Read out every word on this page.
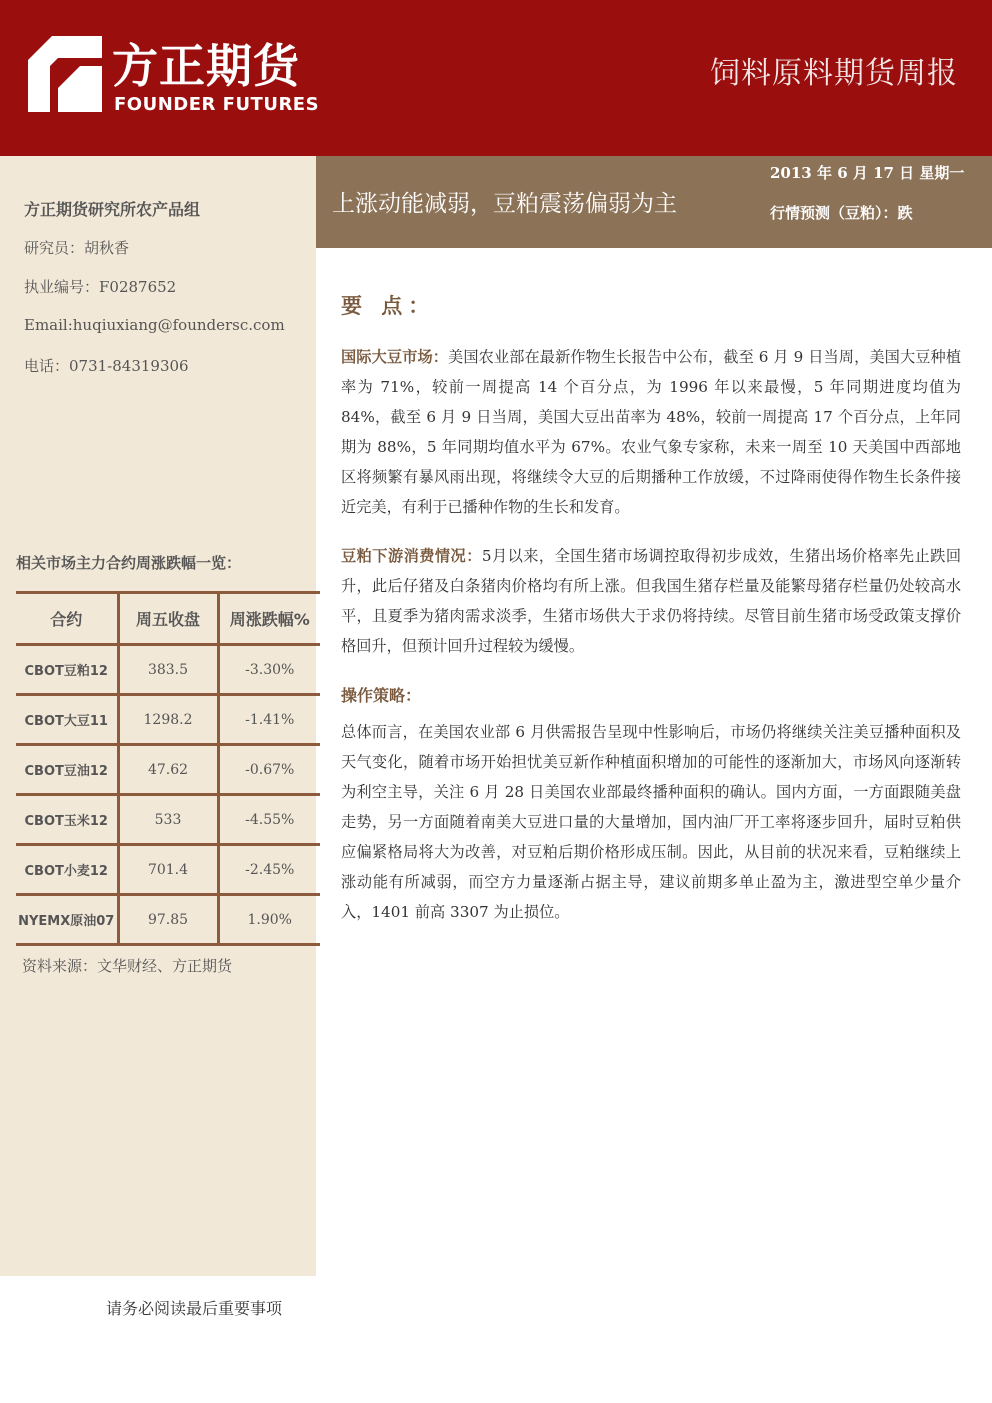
方正期货
FOUNDER FUTURES
饲料原料期货周报
上涨动能减弱，豆粕震荡偏弱为主
2013 年 6 月 17 日 星期一
行情预测（豆粕）：跌
方正期货研究所农产品组
研究员：胡秋香
执业编号：F0287652
Email:huqiuxiang@foundersc.com
电话：0731-84319306
相关市场主力合约周涨跌幅一览：
合约	周五收盘	周涨跌幅%
CBOT豆粕12	383.5	-3.30%
CBOT大豆11	1298.2	-1.41%
CBOT豆油12	47.62	-0.67%
CBOT玉米12	533	-4.55%
CBOT小麦12	701.4	-2.45%
NYEMX原油07	97.85	1.90%
资料来源：文华财经、方正期货
要 点：

国际大豆市场：美国农业部在最新作物生长报告中公布，截至 6 月 9 日当周，美国大豆种植率为 71%，较前一周提高 14 个百分点，为 1996 年以来最慢，5 年同期进度均值为 84%，截至 6 月 9 日当周，美国大豆出苗率为 48%，较前一周提高 17 个百分点，上年同期为 88%，5 年同期均值水平为 67%。农业气象专家称，未来一周至 10 天美国中西部地区将频繁有暴风雨出现，将继续令大豆的后期播种工作放缓，不过降雨使得作物生长条件接近完美，有利于已播种作物的生长和发育。

豆粕下游消费情况：5月以来，全国生猪市场调控取得初步成效，生猪出场价格率先止跌回升，此后仔猪及白条猪肉价格均有所上涨。但我国生猪存栏量及能繁母猪存栏量仍处较高水平，且夏季为猪肉需求淡季，生猪市场供大于求仍将持续。尽管目前生猪市场受政策支撑价格回升，但预计回升过程较为缓慢。

操作策略：

总体而言，在美国农业部 6 月供需报告呈现中性影响后，市场仍将继续关注美豆播种面积及天气变化，随着市场开始担忧美豆新作种植面积增加的可能性的逐渐加大，市场风向逐渐转为利空主导，关注 6 月 28 日美国农业部最终播种面积的确认。国内方面，一方面跟随美盘走势，另一方面随着南美大豆进口量的大量增加，国内油厂开工率将逐步回升，届时豆粕供应偏紧格局将大为改善，对豆粕后期价格形成压制。因此，从目前的状况来看，豆粕继续上涨动能有所减弱，而空方力量逐渐占据主导，建议前期多单止盈为主，激进型空单少量介入，1401 前高 3307 为止损位。

请务必阅读最后重要事项
